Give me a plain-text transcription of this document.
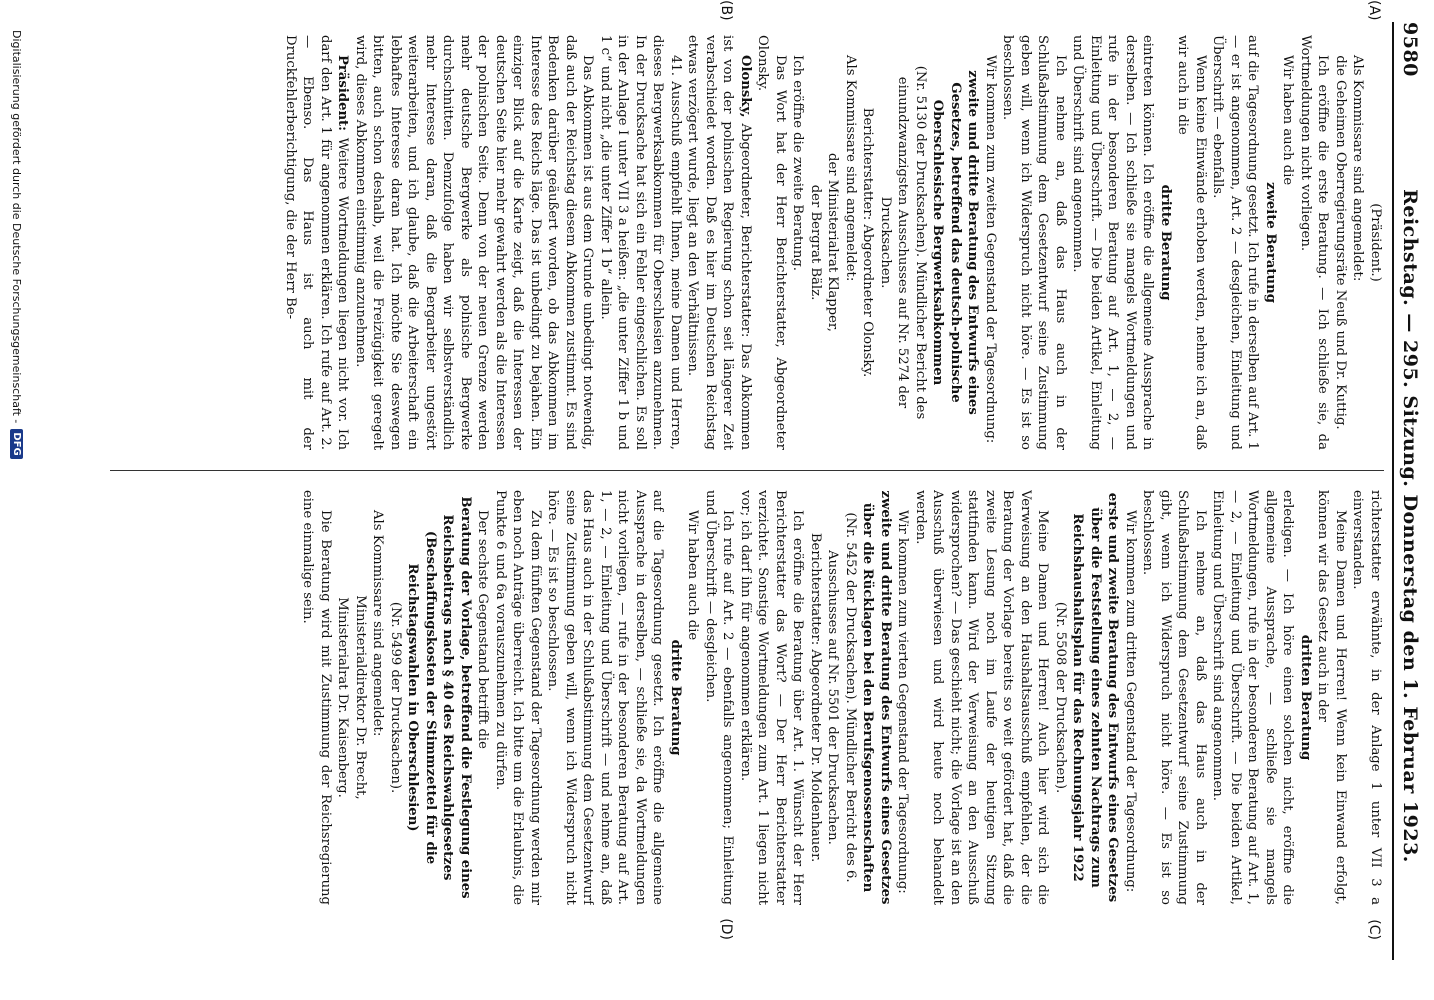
9580
Reichstag. — 295. Sitzung. Donnerstag den 1. Februar 1923.
(A)
(B)
(C)
(D)

(Präsident.)

Als Kommissare sind angemeldet:

die Geheimen Oberregierungsräte Neuß und Dr. Kuttig.

Ich eröffne die erste Beratung. — Ich schließe sie, da Wortmeldungen nicht vorliegen.

Wir haben auch die

zweite Beratung

auf die Tagesordnung gesetzt. Ich rufe in derselben auf Art. 1 — er ist angenommen, Art. 2 — desgleichen, Einleitung und Überschrift — ebenfalls.

Wenn keine Einwände erhoben werden, nehme ich an, daß wir auch in die

dritte Beratung

eintreten können. Ich eröffne die allgemeine Aussprache in derselben. — Ich schließe sie mangels Wortmeldungen und rufe in der besonderen Beratung auf Art. 1, — 2, — Einleitung und Überschrift. — Die beiden Artikel, Einleitung und Überschrift sind angenommen.

Ich nehme an, daß das Haus auch in der Schlußabstimmung dem Gesetzentwurf seine Zustimmung geben will, wenn ich Widerspruch nicht höre. — Es ist so beschlossen.

Wir kommen zum zweiten Gegenstand der Tagesordnung:

zweite und dritte Beratung des Entwurfs eines Gesetzes, betreffend das deutsch-polnische Oberschlesische Bergwerksabkommen

(Nr. 5130 der Drucksachen). Mündlicher Bericht des einundzwanzigsten Ausschusses auf Nr. 5274 der Drucksachen.

Berichterstatter: Abgeordneter Olonsky.

Als Kommissare sind angemeldet:

der Ministerialrat Klapper,

der Bergrat Bälz.

Ich eröffne die zweite Beratung.

Das Wort hat der Herr Berichterstatter, Abgeordneter Olonsky.

Olonsky, Abgeordneter, Berichterstatter: Das Abkommen ist von der polnischen Regierung schon seit längerer Zeit verabschiedet worden. Daß es hier im Deutschen Reichstag etwas verzögert wurde, liegt an den Verhältnissen.

41. Ausschuß empfiehlt Ihnen, meine Damen und Herren, dieses Bergwerksabkommen für Oberschlesien anzunehmen. In der Drucksache hat sich ein Fehler eingeschlichen. Es soll in der Anlage I unter VII 3 a heißen: „die unter Ziffer 1 b und 1 c“ und nicht „die unter Ziffer 1 b“ allein.

Das Abkommen ist aus dem Grunde unbedingt notwendig, daß auch der Reichstag diesem Abkommen zustimmt. Es sind Bedenken darüber geäußert worden, ob das Abkommen im Interesse des Reichs läge. Das ist unbedingt zu bejahen. Ein einziger Blick auf die Karte zeigt, daß die Interessen der deutschen Seite hier mehr gewahrt werden als die Interessen der polnischen Seite. Denn von der neuen Grenze werden mehr deutsche Bergwerke als polnische Bergwerke durchschnitten. Demzufolge haben wir selbstverständlich mehr Interesse daran, daß die Bergarbeiter ungestört weiterarbeiten, und ich glaube, daß die Arbeiterschaft ein lebhaftes Interesse daran hat. Ich möchte Sie deswegen bitten, auch schon deshalb, weil die Freizügigkeit geregelt wird, dieses Abkommen einstimmig anzunehmen.

Präsident: Weitere Wortmeldungen liegen nicht vor. Ich darf den Art. 1 für angenommen erklären. Ich rufe auf Art. 2. — Ebenso. Das Haus ist auch mit der Druckfehlerberichtigung, die der Herr Be-

richterstatter erwähnte, in der Anlage 1 unter VII 3 a einverstanden.

Meine Damen und Herren! Wenn kein Einwand erfolgt, können wir das Gesetz auch in der

dritten Beratung

erledigen. — Ich höre einen solchen nicht, eröffne die allgemeine Aussprache, — schließe sie mangels Wortmeldungen, rufe in der besonderen Beratung auf Art. 1, — 2, — Einleitung und Überschrift. — Die beiden Artikel, Einleitung und Überschrift sind angenommen.

Ich nehme an, daß das Haus auch in der Schlußabstimmung dem Gesetzentwurf seine Zustimmung gibt, wenn ich Widerspruch nicht höre. — Es ist so beschlossen.

Wir kommen zum dritten Gegenstand der Tagesordnung:

erste und zweite Beratung des Entwurfs eines Gesetzes über die Feststellung eines zehnten Nachtrags zum Reichshaushaltsplan für das Rechnungsjahr 1922

(Nr. 5508 der Drucksachen).

Meine Damen und Herren! Auch hier wird sich die Verweisung an den Haushaltsausschuß empfehlen, der die Beratung der Vorlage bereits so weit gefördert hat, daß die zweite Lesung noch im Laufe der heutigen Sitzung stattfinden kann. Wird der Verweisung an den Ausschuß widersprochen? — Das geschieht nicht; die Vorlage ist an den Ausschuß überwiesen und wird heute noch behandelt werden.

Wir kommen zum vierten Gegenstand der Tagesordnung:

zweite und dritte Beratung des Entwurfs eines Gesetzes über die Rücklagen bei den Berufsgenossenschaften

(Nr. 5452 der Drucksachen). Mündlicher Bericht des 6. Ausschusses auf Nr. 5501 der Drucksachen.

Berichterstatter: Abgeordneter Dr. Moldenhauer.

Ich eröffne die Beratung über Art. 1. Wünscht der Herr Berichterstatter das Wort? — Der Herr Berichterstatter verzichtet. Sonstige Wortmeldungen zum Art. 1 liegen nicht vor; ich darf ihn für angenommen erklären.

Ich rufe auf Art. 2 — ebenfalls angenommen; Einleitung und Überschrift — desgleichen.

Wir haben auch die

dritte Beratung

auf die Tagesordnung gesetzt. Ich eröffne die allgemeine Aussprache in derselben, — schließe sie, da Wortmeldungen nicht vorliegen, — rufe in der besonderen Beratung auf Art. 1, — 2, — Einleitung und Überschrift — und nehme an, daß das Haus auch in der Schlußabstimmung dem Gesetzentwurf seine Zustimmung geben will, wenn ich Widerspruch nicht höre. — Es ist so beschlossen.

Zu dem fünften Gegenstand der Tagesordnung werden mir eben noch Anträge überreicht. Ich bitte um die Erlaubnis, die Punkte 6 und 6a vorauszunehmen zu dürfen.

Der sechste Gegenstand betrifft die

Beratung der Vorlage, betreffend die Festlegung eines Reichsbeitrags nach § 40 des Reichswahlgesetzes (Beschaffungskosten der Stimmzettel für die Reichstagswahlen in Oberschlesien)

(Nr. 5499 der Drucksachen).

Als Kommissare sind angemeldet:

Ministerialdirektor Dr. Brecht,

Ministerialrat Dr. Kaisenberg.

Die Beratung wird mit Zustimmung der Reichsregierung eine einmalige sein.

Digitalisierung gefördert durch die Deutsche Forschungsgemeinschaft -
DFG
